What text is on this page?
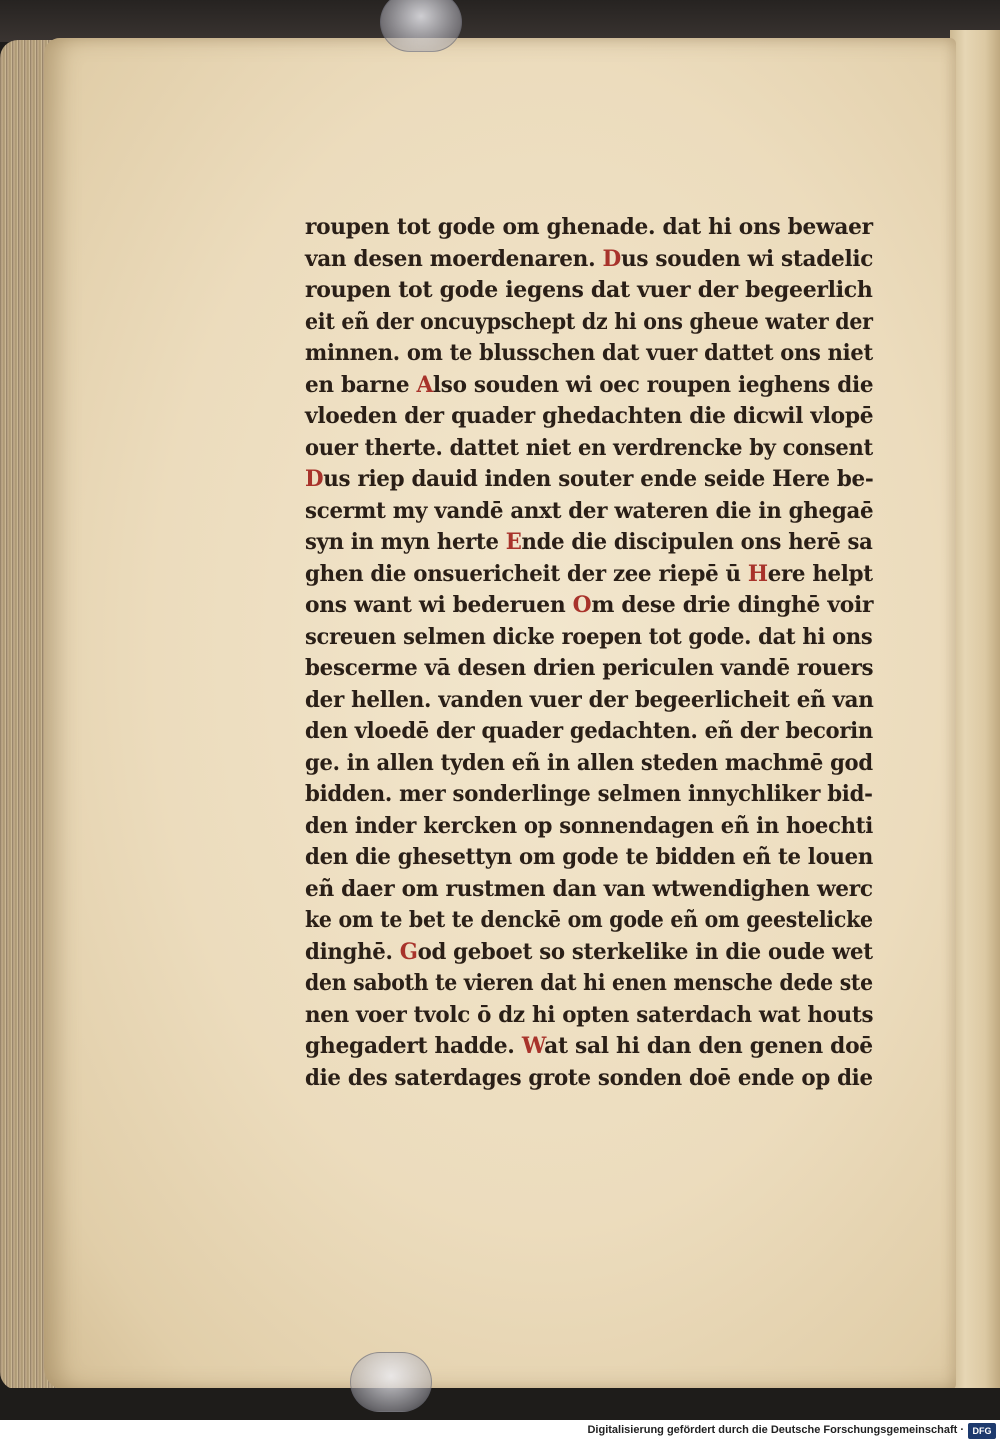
roupen tot gode om ghenade. dat hi ons bewaer
van desen moerdenaren. Dus souden wi stadelic
roupen tot gode iegens dat vuer der begeerlich
eit eñ der oncuypschept dz hi ons gheue water der
minnen. om te blusschen dat vuer dattet ons niet
en barne Also souden wi oec roupen ieghens die
vloeden der quader ghedachten die dicwil vlopē
ouer therte. dattet niet en verdrencke by consent
Dus riep dauid inden souter ende seide Here be-
scermt my vandē anxt der wateren die in ghegaē
syn in myn herte Ende die discipulen ons herē sa
ghen die onsuericheit der zee riepē ū Here helpt
ons want wi bederuen Om dese drie dinghē voir
screuen selmen dicke roepen tot gode. dat hi ons
bescerme vā desen drien periculen vandē rouers
der hellen. vanden vuer der begeerlicheit eñ van
den vloedē der quader gedachten. eñ der becorin
ge. in allen tyden eñ in allen steden machmē god
bidden. mer sonderlinge selmen innychliker bid-
den inder kercken op sonnendagen eñ in hoechti
den die ghesettyn om gode te bidden eñ te louen
eñ daer om rustmen dan van wtwendighen werc
ke om te bet te denckē om gode eñ om geestelicke
dinghē. God geboet so sterkelike in die oude wet
den saboth te vieren dat hi enen mensche dede ste
nen voer tvolc ō dz hi opten saterdach wat houts
ghegadert hadde. Wat sal hi dan den genen doē
die des saterdages grote sonden doē ende op die
Digitalisierung gefördert durch die Deutsche Forschungsgemeinschaft · DFG
